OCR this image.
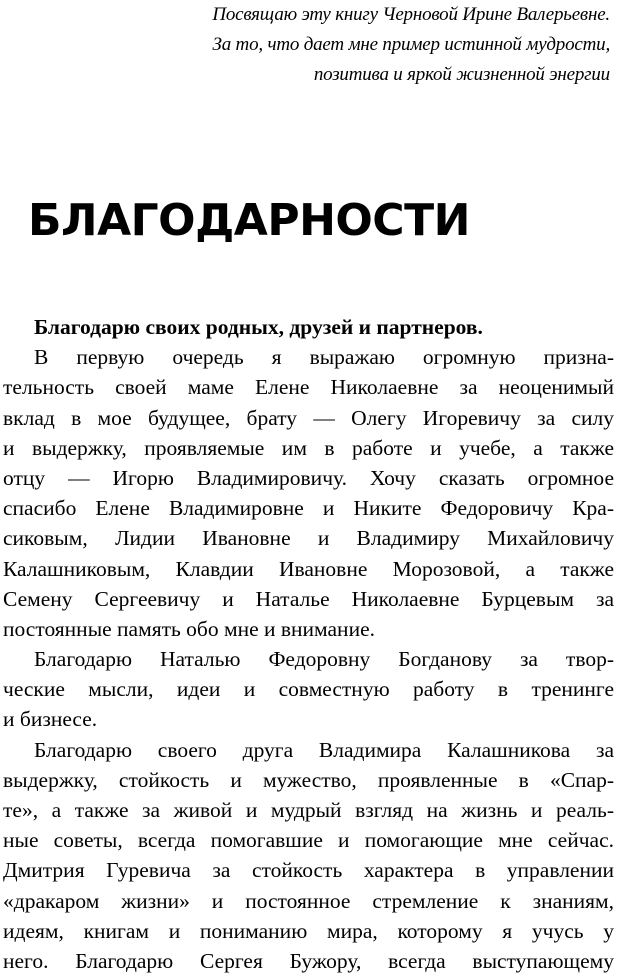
Посвящаю эту книгу Черновой Ирине Валерьевне.
За то, что дает мне пример истинной мудрости,
позитива и яркой жизненной энергии
БЛАГОДАРНОСТИ
Благодарю своих родных, друзей и партнеров.
В первую очередь я выражаю огромную призна-
тельность своей маме Елене Николаевне за неоценимый
вклад в мое будущее, брату — Олегу Игоревичу за силу
и выдержку, проявляемые им в работе и учебе, а также
отцу — Игорю Владимировичу. Хочу сказать огромное
спасибо Елене Владимировне и Никите Федоровичу Кра-
сиковым, Лидии Ивановне и Владимиру Михайловичу
Калашниковым, Клавдии Ивановне Морозовой, а также
Семену Сергеевичу и Наталье Николаевне Бурцевым за
постоянные память обо мне и внимание.
Благодарю Наталью Федоровну Богданову за твор-
ческие мысли, идеи и совместную работу в тренинге
и бизнесе.
Благодарю своего друга Владимира Калашникова за
выдержку, стойкость и мужество, проявленные в «Спар-
те», а также за живой и мудрый взгляд на жизнь и реаль-
ные советы, всегда помогавшие и помогающие мне сейчас.
Дмитрия Гуревича за стойкость характера в управлении
«дракаром жизни» и постоянное стремление к знаниям,
идеям, книгам и пониманию мира, которому я учусь у
него. Благодарю Сергея Бужору, всегда выступающему
